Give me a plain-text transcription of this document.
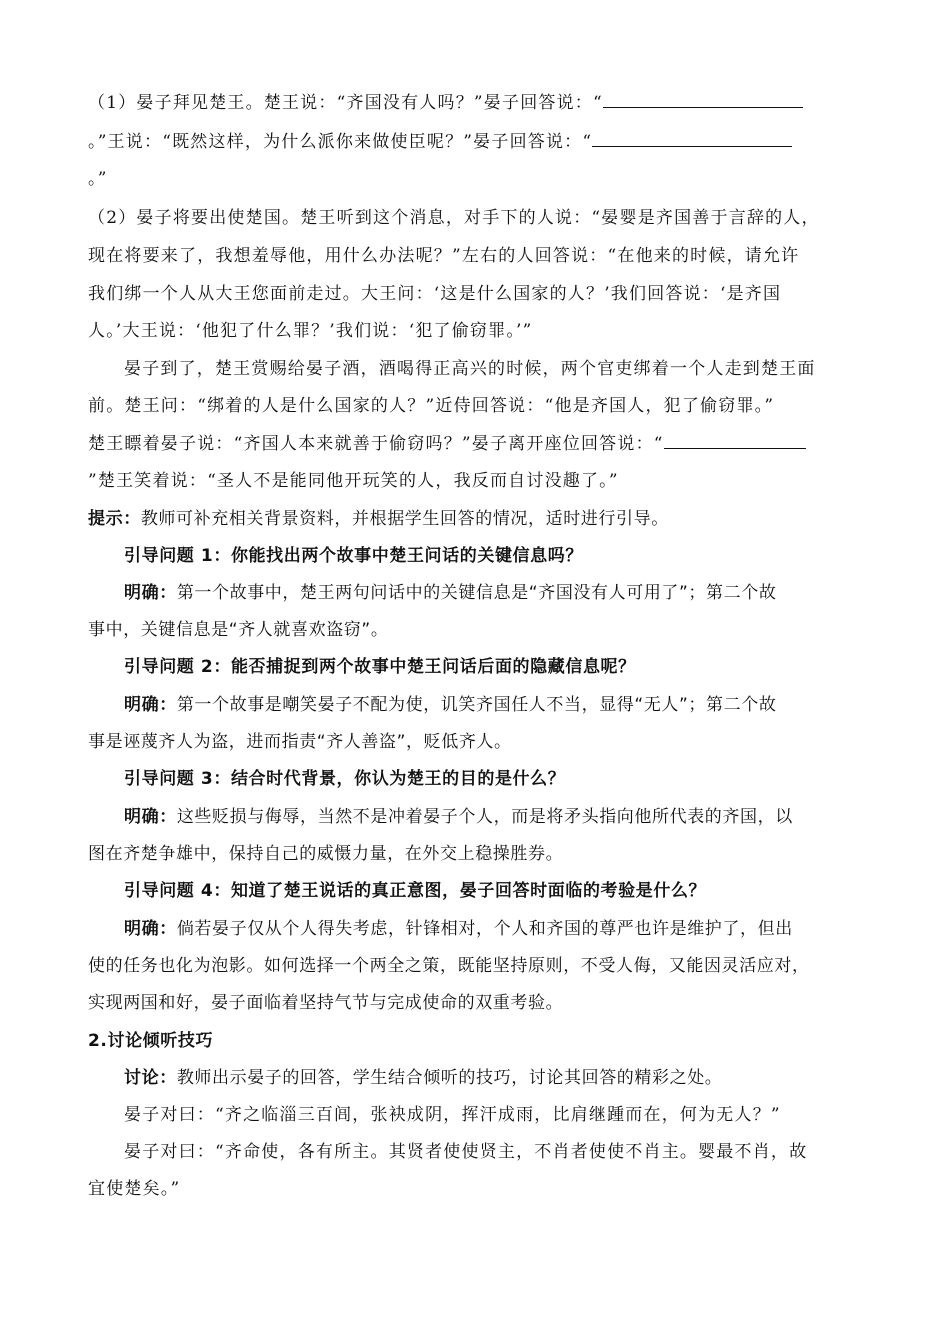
（1）晏子拜见楚王。楚王说：“齐国没有人吗？”晏子回答说：“
。”王说：“既然这样，为什么派你来做使臣呢？”晏子回答说：“
。”
（2）晏子将要出使楚国。楚王听到这个消息，对手下的人说：“晏婴是齐国善于言辞的人，
现在将要来了，我想羞辱他，用什么办法呢？”左右的人回答说：“在他来的时候，请允许
我们绑一个人从大王您面前走过。大王问：‘这是什么国家的人？’我们回答说：‘是齐国
人。’大王说：‘他犯了什么罪？’我们说：‘犯了偷窃罪。’”
晏子到了，楚王赏赐给晏子酒，酒喝得正高兴的时候，两个官吏绑着一个人走到楚王面
前。楚王问：“绑着的人是什么国家的人？”近侍回答说：“他是齐国人，犯了偷窃罪。”
楚王瞟着晏子说：“齐国人本来就善于偷窃吗？”晏子离开座位回答说：“
”楚王笑着说：“圣人不是能同他开玩笑的人，我反而自讨没趣了。”
提示：教师可补充相关背景资料，并根据学生回答的情况，适时进行引导。
引导问题 1：你能找出两个故事中楚王问话的关键信息吗？
明确：第一个故事中，楚王两句问话中的关键信息是“齐国没有人可用了”；第二个故
事中，关键信息是“齐人就喜欢盗窃”。
引导问题 2：能否捕捉到两个故事中楚王问话后面的隐藏信息呢？
明确：第一个故事是嘲笑晏子不配为使，讥笑齐国任人不当，显得“无人”；第二个故
事是诬蔑齐人为盗，进而指责“齐人善盗”，贬低齐人。
引导问题 3：结合时代背景，你认为楚王的目的是什么？
明确：这些贬损与侮辱，当然不是冲着晏子个人，而是将矛头指向他所代表的齐国，以
图在齐楚争雄中，保持自己的威慑力量，在外交上稳操胜券。
引导问题 4：知道了楚王说话的真正意图，晏子回答时面临的考验是什么？
明确：倘若晏子仅从个人得失考虑，针锋相对，个人和齐国的尊严也许是维护了，但出
使的任务也化为泡影。如何选择一个两全之策，既能坚持原则，不受人侮，又能因灵活应对，
实现两国和好，晏子面临着坚持气节与完成使命的双重考验。
2.讨论倾听技巧
讨论：教师出示晏子的回答，学生结合倾听的技巧，讨论其回答的精彩之处。
晏子对曰：“齐之临淄三百闾，张袂成阴，挥汗成雨，比肩继踵而在，何为无人？”
晏子对曰：“齐命使，各有所主。其贤者使使贤主，不肖者使使不肖主。婴最不肖，故
宜使楚矣。”
